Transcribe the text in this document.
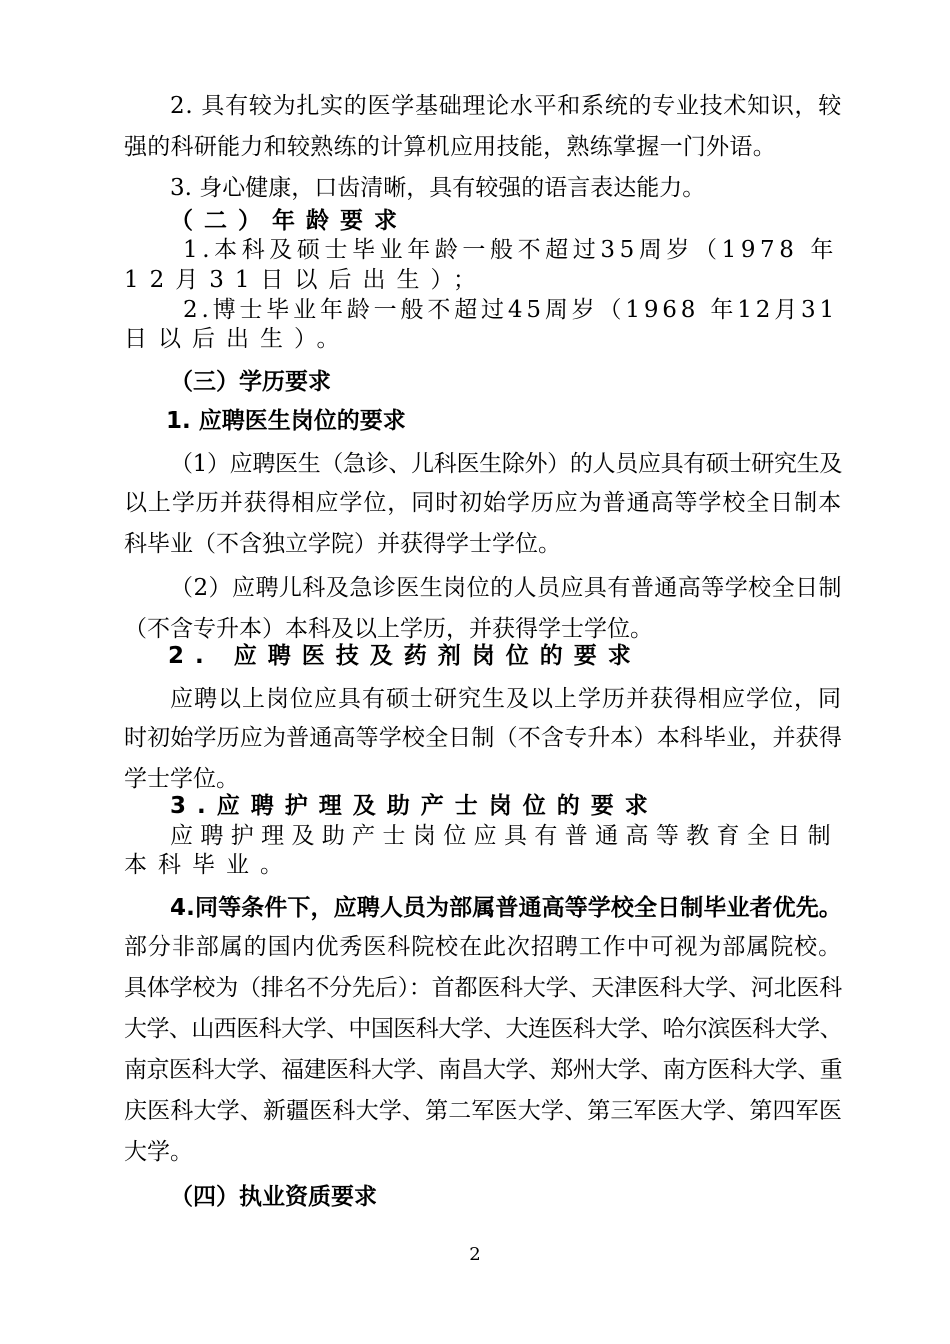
2. 具有较为扎实的医学基础理论水平和系统的专业技术知识，较
强的科研能力和较熟练的计算机应用技能，熟练掌握一门外语。
3. 身心健康，口齿清晰，具有较强的语言表达能力。
（二）年龄要求
1.本科及硕士毕业年龄一般不超过35周岁（1978 年
12月31日以后出生）；
2.博士毕业年龄一般不超过45周岁（1968 年12月31
日以后出生）。
（三）学历要求
1. 应聘医生岗位的要求
（1）应聘医生（急诊、儿科医生除外）的人员应具有硕士研究生及
以上学历并获得相应学位，同时初始学历应为普通高等学校全日制本
科毕业（不含独立学院）并获得学士学位。
（2）应聘儿科及急诊医生岗位的人员应具有普通高等学校全日制
（不含专升本）本科及以上学历，并获得学士学位。
2. 应聘医技及药剂岗位的要求
应聘以上岗位应具有硕士研究生及以上学历并获得相应学位，同
时初始学历应为普通高等学校全日制（不含专升本）本科毕业，并获得
学士学位。
3.应聘护理及助产士岗位的要求
应聘护理及助产士岗位应具有普通高等教育全日制
本科毕业。
4.同等条件下，应聘人员为部属普通高等学校全日制毕业者优先。
部分非部属的国内优秀医科院校在此次招聘工作中可视为部属院校。
具体学校为（排名不分先后）：首都医科大学、天津医科大学、河北医科
大学、山西医科大学、中国医科大学、大连医科大学、哈尔滨医科大学、
南京医科大学、福建医科大学、南昌大学、郑州大学、南方医科大学、重
庆医科大学、新疆医科大学、第二军医大学、第三军医大学、第四军医
大学。
（四）执业资质要求
2
